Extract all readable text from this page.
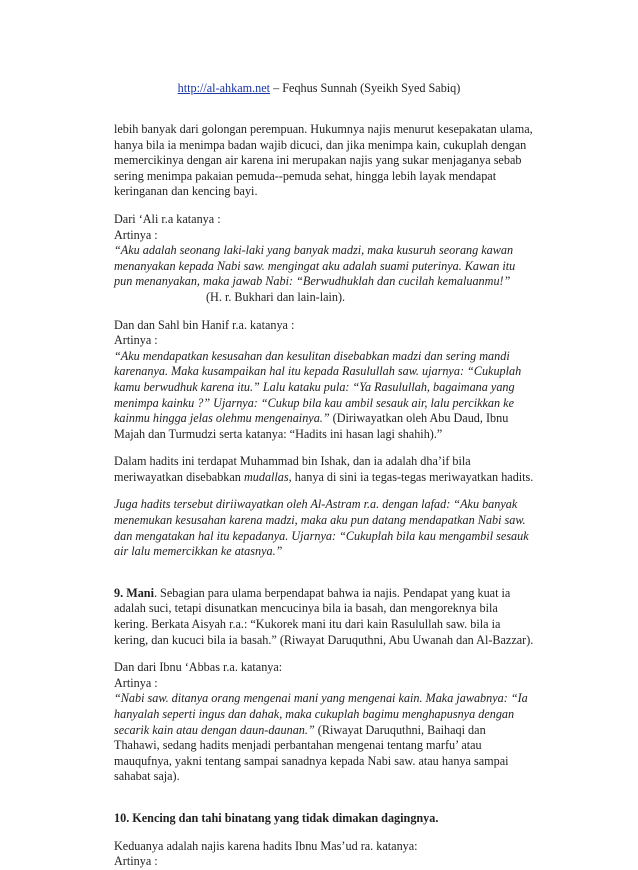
http://al-ahkam.net – Feqhus Sunnah (Syeikh Syed Sabiq)

lebih banyak dari golongan perempuan. Hukumnya najis menurut kesepakatan ulama, hanya bila ia menimpa badan wajib dicuci, dan jika menimpa kain, cukuplah dengan memercikinya dengan air karena ini merupakan najis yang sukar menjaganya sebab sering menimpa pakaian pemuda--pemuda sehat, hingga lebih layak mendapat keringanan dan kencing bayi.

Dari ‘Ali r.a katanya :
Artinya :
“Aku adalah seonang laki-laki yang banyak madzi, maka kusuruh seorang kawan menanyakan kepada Nabi saw. mengingat aku adalah suami puterinya. Kawan itu pun menanyakan, maka jawab Nabi: “Berwudhuklah dan cucilah kemaluanmu!”
(H. r. Bukhari dan lain-lain).

Dan dan Sahl bin Hanif r.a. katanya :
Artinya :
“Aku mendapatkan kesusahan dan kesulitan disebabkan madzi dan sering mandi karenanya. Maka kusampaikan hal itu kepada Rasulullah saw. ujarnya: “Cukuplah kamu berwudhuk karena itu.” Lalu kataku pula: “Ya Rasulullah, bagaimana yang menimpa kainku ?” Ujarnya: “Cukup bila kau ambil sesauk air, lalu percikkan ke kainmu hingga jelas olehmu mengenainya.” (Diriwayatkan oleh Abu Daud, Ibnu Majah dan Turmudzi serta katanya: “Hadits ini hasan lagi shahih).”

Dalam hadits ini terdapat Muhammad bin Ishak, dan ia adalah dha’if bila meriwayatkan disebabkan mudallas, hanya di sini ia tegas-tegas meriwayatkan hadits.

Juga hadits tersebut diriiwayatkan oleh Al-Astram r.a. dengan lafad: “Aku banyak menemukan kesusahan karena madzi, maka aku pun datang mendapatkan Nabi saw. dan mengatakan hal itu kepadanya. Ujarnya: “Cukuplah bila kau mengambil sesauk air lalu memercikkan ke atasnya.”

9. Mani. Sebagian para ulama berpendapat bahwa ia najis. Pendapat yang kuat ia adalah suci, tetapi disunatkan mencucinya bila ia basah, dan mengoreknya bila kering. Berkata Aisyah r.a.: “Kukorek mani itu dari kain Rasulullah saw. bila ia kering, dan kucuci bila ia basah.” (Riwayat Daruquthni, Abu Uwanah dan Al-Bazzar).

Dan dari Ibnu ‘Abbas r.a. katanya:
Artinya :
“Nabi saw. ditanya orang mengenai mani yang mengenai kain. Maka jawabnya: “Ia hanyalah seperti ingus dan dahak, maka cukuplah bagimu menghapusnya dengan secarik kain atau dengan daun-daunan.” (Riwayat Daruquthni, Baihaqi dan Thahawi, sedang hadits menjadi perbantahan mengenai tentang marfu’ atau mauqufnya, yakni tentang sampai sanadnya kepada Nabi saw. atau hanya sampai sahabat saja).

10. Kencing dan tahi binatang yang tidak dimakan dagingnya.

Keduanya adalah najis karena hadits Ibnu Mas’ud ra. katanya:
Artinya :
